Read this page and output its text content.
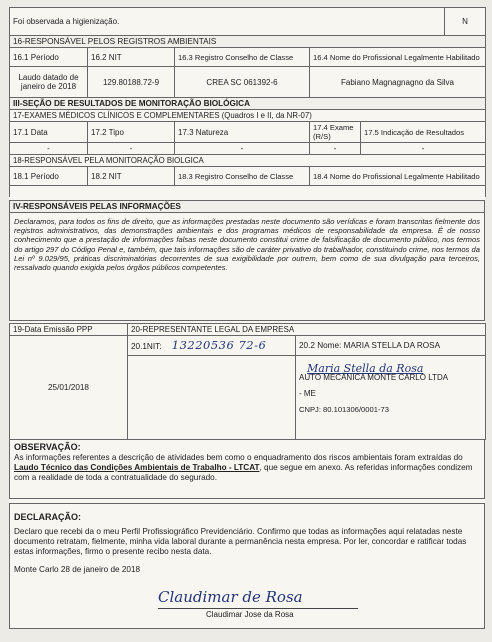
Foi observada a higienização.					N
16-RESPONSÁVEL PELOS REGISTROS AMBIENTAIS					
16.1 Período	16.2 NIT	16.3 Registro Conselho de Classe	16.4 Nome do Profissional Legalmente Habilitado		
Laudo datado de janeiro de 2018	129.80188.72-9	CREA SC 061392-6	Fabiano Magnagnagno da Silva		
III-SEÇÃO DE RESULTADOS DE MONITORAÇÃO BIOLÓGICA					
17-EXAMES MÉDICOS CLÍNICOS E COMPLEMENTARES (Quadros I e II, da NR-07)					
17.1 Data	17.2 Tipo	17.3 Natureza	17.4 Exame (R/S)	17.5 Indicação de Resultados	
-	-	-	-	-	
18-RESPONSÁVEL PELA MONITORAÇÃO BIOLGICA					
18.1 Período	18.2 NIT	18.3 Registro Conselho de Classe	18.4 Nome do Profissional Legalmente Habilitado		

IV-RESPONSÁVEIS PELAS INFORMAÇÕES
Declaramos, para todos os fins de direito, que as informações prestadas neste documento são verídicas e foram transcritas fielmente dos registros administrativos, das demonstrações ambientais e dos programas médicos de responsabilidade da empresa. É de nosso conhecimento que a prestação de informações falsas neste documento constitui crime de falsificação de documento público, nos termos do artigo 297 do Código Penal e, também, que tais informações são de caráter privativo do trabalhador, constituindo crime, nos termos da Lei nº 9.029/95, práticas discriminatórias decorrentes de sua exigibilidade por outrem, bem como de sua divulgação para terceiros, ressalvado quando exigida pelos órgãos públicos competentes.
19-Data Emissão PPP	20-REPRESENTANTE LEGAL DA EMPRESA	
25/01/2018	20.1NIT: 13220536 72-6	20.2 Nome: MARIA STELLA DA ROSA

		Maria Stella da Rosa
AUTO MECÂNICA MONTE CARLO LTDA
- ME
CNPJ: 80.101306/0001-73
OBSERVAÇÃO:
As informações referentes a descrição de atividades bem como o enquadramento dos riscos ambientais foram extraídas do Laudo Técnico das Condições Ambientais de Trabalho - LTCAT, que segue em anexo. As referidas informações condizem com a realidade de toda a contratualidade do segurado.
DECLARAÇÃO:
Declaro que recebi da o meu Perfil Profissiográfico Previdenciário. Confirmo que todas as informações aqui relatadas neste documento retratam, fielmente, minha vida laboral durante a permanência nesta empresa. Por ler, concordar e ratificar todas estas informações, firmo o presente recibo nesta data.
Monte Carlo 28 de janeiro de 2018
Claudimar de Rosa
Claudimar Jose da Rosa
